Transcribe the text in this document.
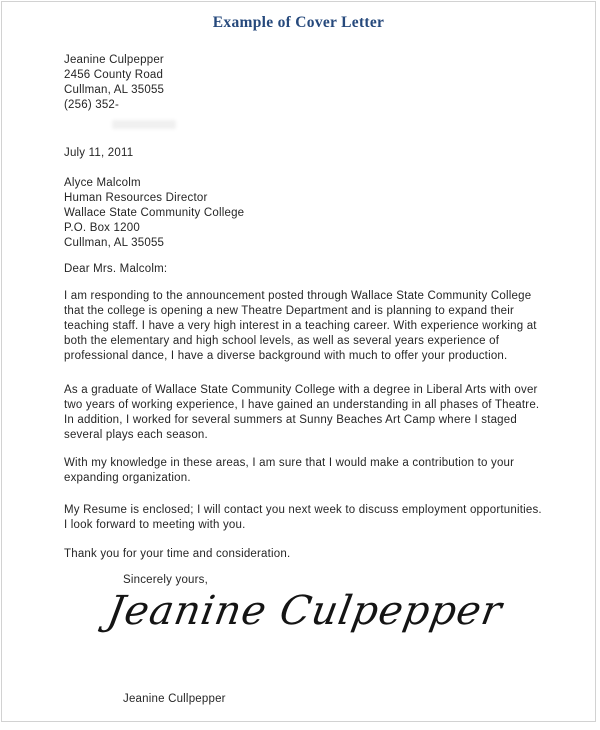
Example of Cover Letter
Jeanine Culpepper
2456 County Road
Cullman, AL 35055
(256) 352-
July 11, 2011
Alyce Malcolm
Human Resources Director
Wallace State Community College
P.O. Box 1200
Cullman, AL 35055
Dear Mrs. Malcolm:

I am responding to the announcement posted through Wallace State Community College that the college is opening a new Theatre Department and is planning to expand their teaching staff. I have a very high interest in a teaching career. With experience working at both the elementary and high school levels, as well as several years experience of professional dance, I have a diverse background with much to offer your production.

As a graduate of Wallace State Community College with a degree in Liberal Arts with over two years of working experience, I have gained an understanding in all phases of Theatre. In addition, I worked for several summers at Sunny Beaches Art Camp where I staged several plays each season.

With my knowledge in these areas, I am sure that I would make a contribution to your expanding organization.

My Resume is enclosed; I will contact you next week to discuss employment opportunities. I look forward to meeting with you.

Thank you for your time and consideration.
Sincerely yours,
Jeanine Culpepper
Jeanine Cullpepper
